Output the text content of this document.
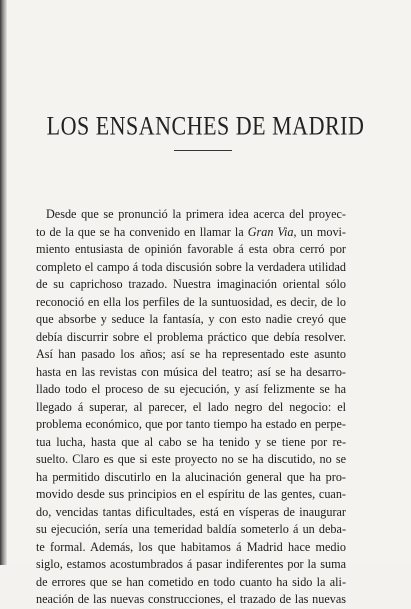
LOS ENSANCHES DE MADRID
Desde que se pronunció la primera idea acerca del proyec-
to de la que se ha convenido en llamar la Gran Via, un movi-
miento entusiasta de opinión favorable á esta obra cerró por
completo el campo á toda discusión sobre la verdadera utilidad
de su caprichoso trazado. Nuestra imaginación oriental sólo
reconoció en ella los perfiles de la suntuosidad, es decir, de lo
que absorbe y seduce la fantasía, y con esto nadie creyó que
debía discurrir sobre el problema práctico que debía resolver.
Así han pasado los años; así se ha representado este asunto
hasta en las revistas con música del teatro; así se ha desarro-
llado todo el proceso de su ejecución, y así felizmente se ha
llegado á superar, al parecer, el lado negro del negocio: el
problema económico, que por tanto tiempo ha estado en perpe-
tua lucha, hasta que al cabo se ha tenido y se tiene por re-
suelto. Claro es que si este proyecto no se ha discutido, no se
ha permitido discutirlo en la alucinación general que ha pro-
movido desde sus principios en el espíritu de las gentes, cuan-
do, vencidas tantas dificultades, está en vísperas de inaugurar
su ejecución, sería una temeridad baldía someterlo á un deba-
te formal. Además, los que habitamos á Madrid hace medio
siglo, estamos acostumbrados á pasar indiferentes por la suma
de errores que se han cometido en todo cuanto ha sido la ali-
neación de las nuevas construcciones, el trazado de las nuevas
